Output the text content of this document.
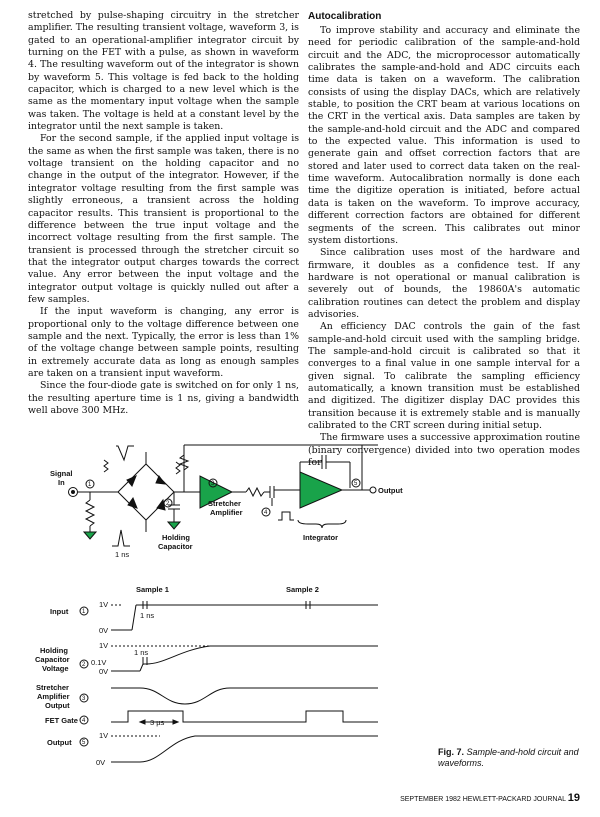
stretched by pulse-shaping circuitry in the stretcher amplifier. The resulting transient voltage, waveform 3, is gated to an operational-amplifier integrator circuit by turning on the FET with a pulse, as shown in waveform 4. The resulting waveform out of the integrator is shown by waveform 5. This voltage is fed back to the holding capacitor, which is charged to a new level which is the same as the momentary input voltage when the sample was taken. The voltage is held at a constant level by the integrator until the next sample is taken.

For the second sample, if the applied input voltage is the same as when the first sample was taken, there is no voltage transient on the holding capacitor and no change in the output of the integrator. However, if the integrator voltage resulting from the first sample was slightly erroneous, a transient across the holding capacitor results. This transient is proportional to the difference between the true input voltage and the incorrect voltage resulting from the first sample. The transient is processed through the stretcher circuit so that the integrator output charges towards the correct value. Any error between the input voltage and the integrator output voltage is quickly nulled out after a few samples.

If the input waveform is changing, any error is proportional only to the voltage difference between one sample and the next. Typically, the error is less than 1% of the voltage change between sample points, resulting in extremely accurate data as long as enough samples are taken on a transient input waveform.

Since the four-diode gate is switched on for only 1 ns, the resulting aperture time is 1 ns, giving a bandwidth well above 300 MHz.

Autocalibration

To improve stability and accuracy and eliminate the need for periodic calibration of the sample-and-hold circuit and the ADC, the microprocessor automatically calibrates the sample-and-hold and ADC circuits each time data is taken on a waveform. The calibration consists of using the display DACs, which are relatively stable, to position the CRT beam at various locations on the CRT in the vertical axis. Data samples are taken by the sample-and-hold circuit and the ADC and compared to the expected value. This information is used to generate gain and offset correction factors that are stored and later used to correct data taken on the real-time waveform. Autocalibration normally is done each time the digitize operation is initiated, before actual data is taken on the waveform. To improve accuracy, different correction factors are obtained for different segments of the screen. This calibrates out minor system distortions.

Since calibration uses most of the hardware and firmware, it doubles as a confidence test. If any hardware is not operational or manual calibration is severely out of bounds, the 19860A's automatic calibration routines can detect the problem and display advisories.

An efficiency DAC controls the gain of the fast sample-and-hold circuit used with the sampling bridge. The sample-and-hold circuit is calibrated so that it converges to a final value in one sample interval for a given signal. To calibrate the sampling efficiency automatically, a known transition must be established and digitized. The digitizer display DAC provides this transition because it is extremely stable and is manually calibrated to the CRT screen during initial setup.

The firmware uses a successive approximation routine (binary convergence) divided into two operation modes for

Signal
In	1
1 ns
2
Holding
Capacitor
3
Stretcher
Amplifier	4
Output
5
Integrator
Sample 1	Sample 2
Input 1
1V
0V
1 ns
Holding
Capacitor
Voltage 2
1V
0.1V
0V
1 ns
Stretcher
Amplifier
Output
3
FET Gate 4	3 µs
Output 5
1V
0V
Fig. 7. Sample-and-hold circuit and waveforms.
SEPTEMBER 1982 HEWLETT-PACKARD JOURNAL 19
